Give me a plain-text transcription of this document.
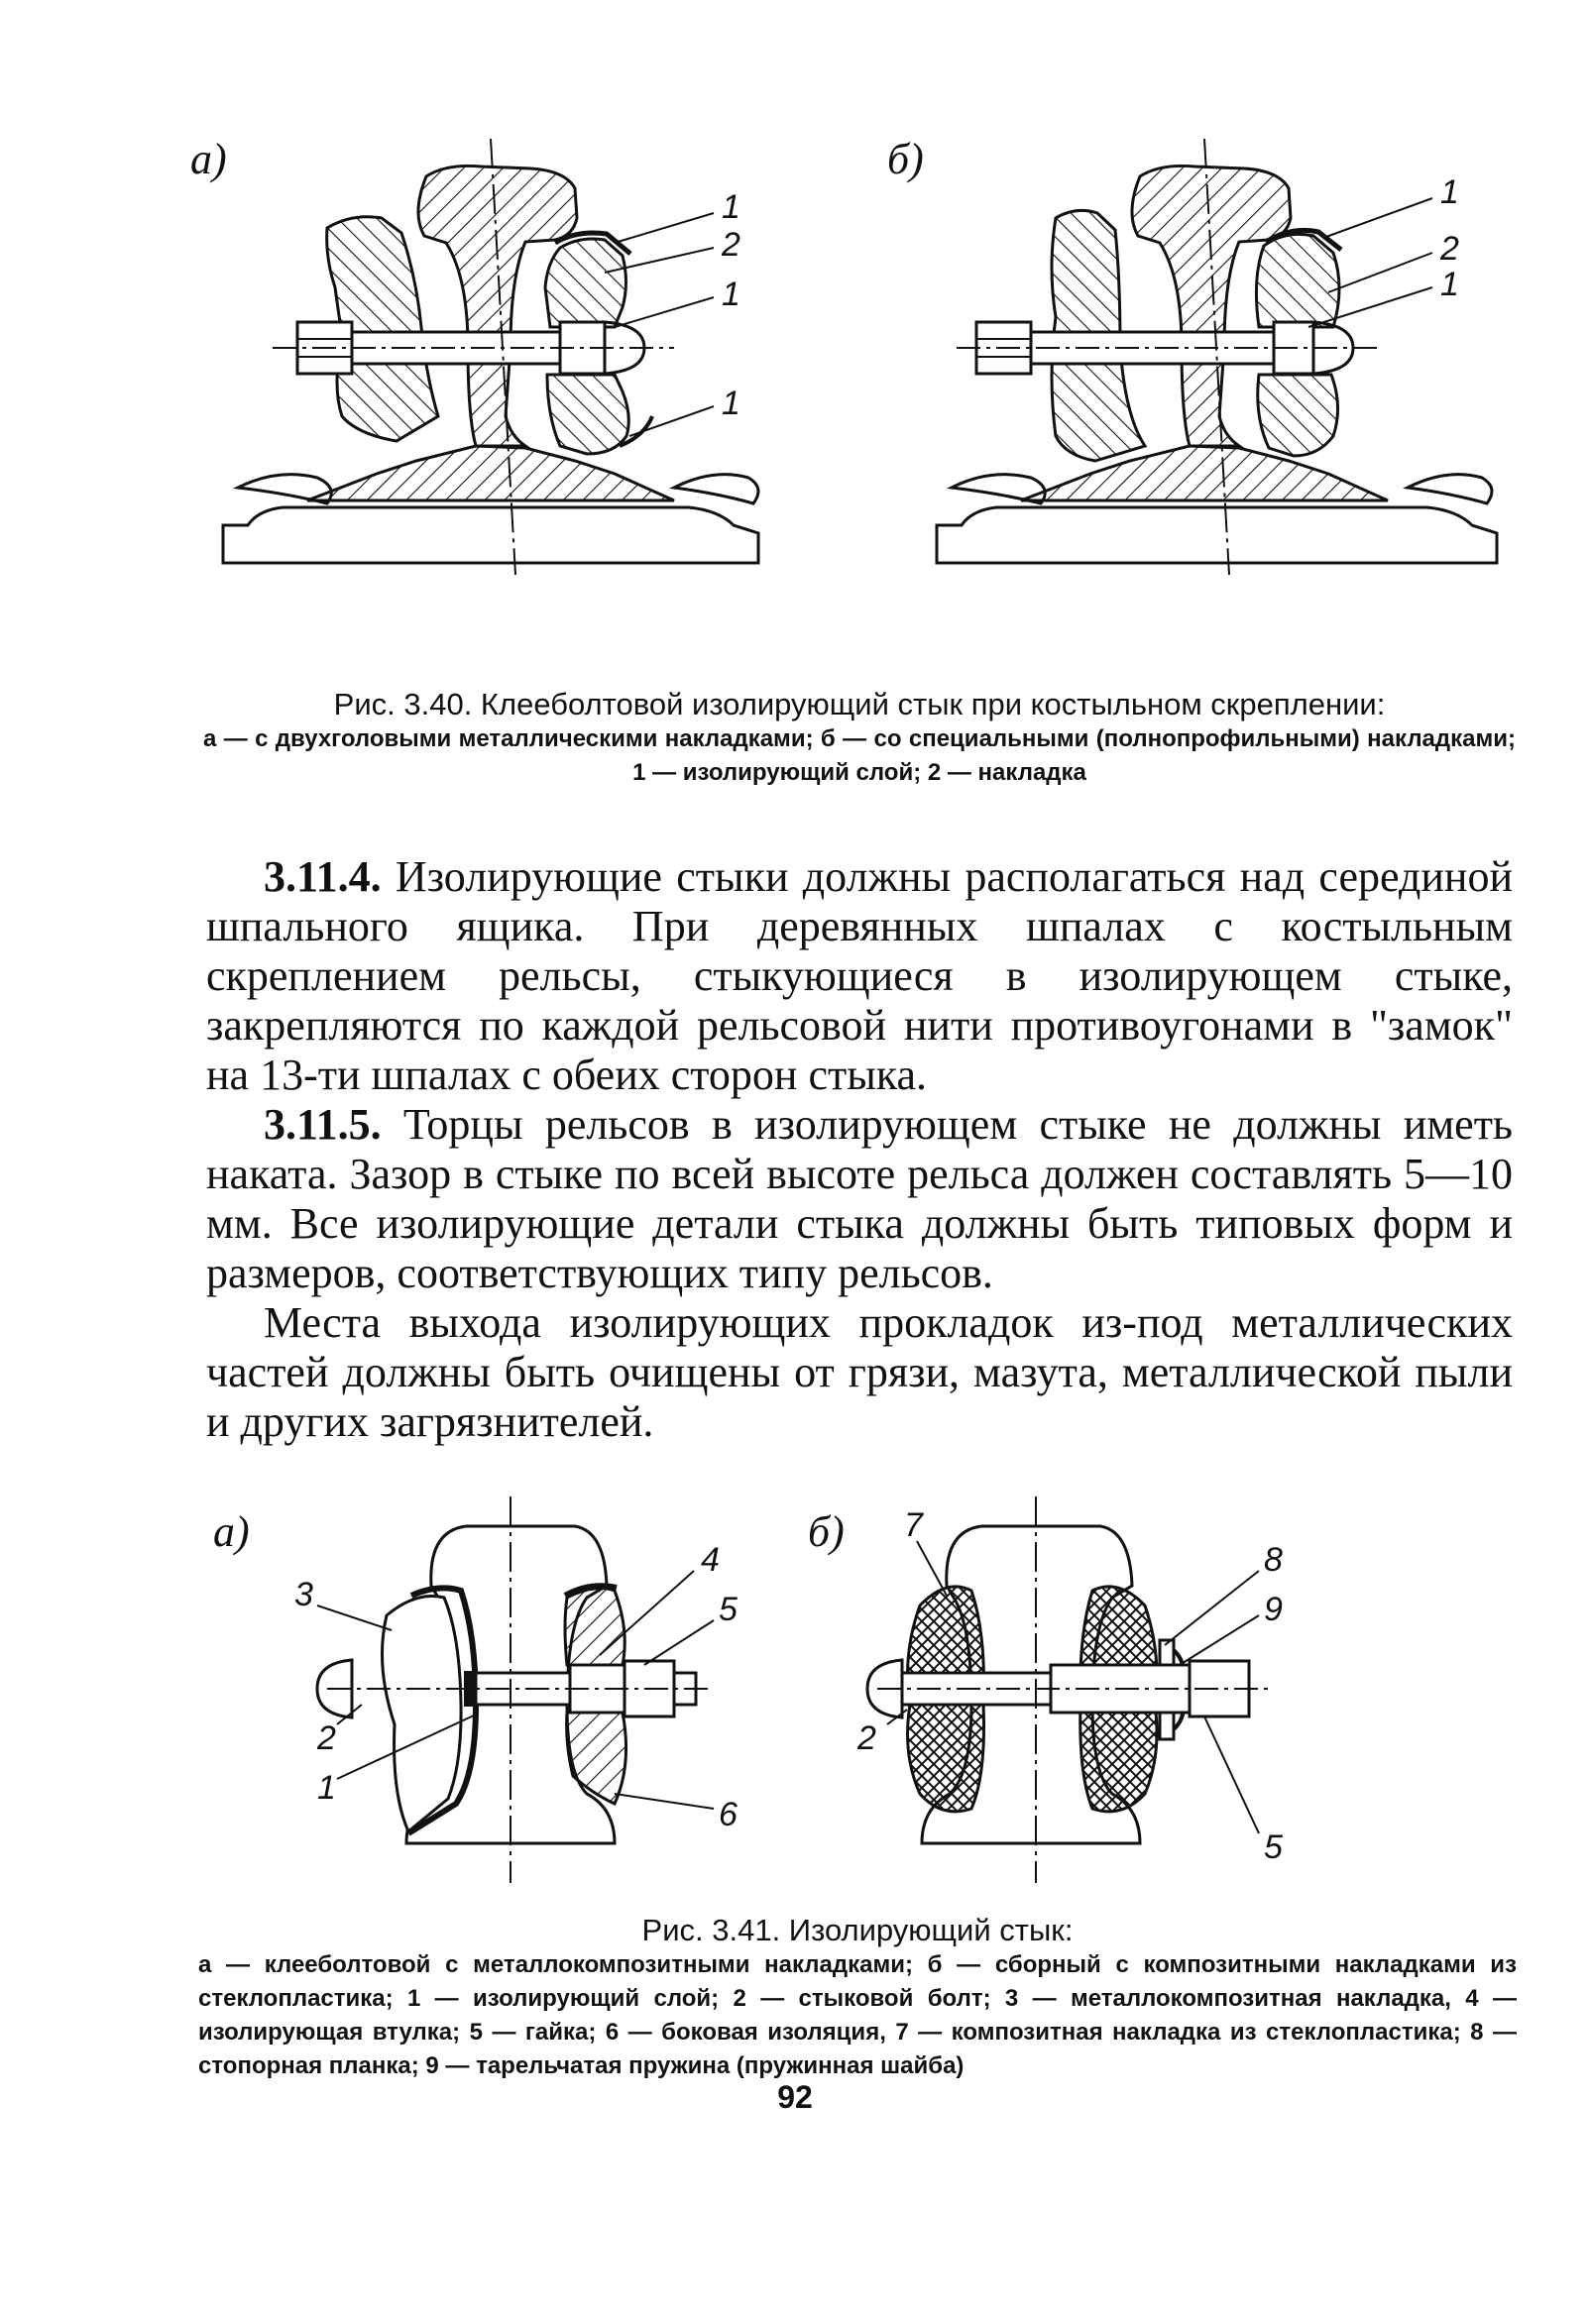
a)
1
2
1
1
б)
1
2
1
Рис. 3.40. Клееболтовой изолирующий стык при костыльном скреплении:
а — с двухголовыми металлическими накладками; б — со специальными (полнопрофильными) накладками; 1 — изолирующий слой; 2 — накладка

3.11.4. Изолирующие стыки должны располагаться над серединой шпального ящика. При деревянных шпалах с костыльным скреплением рельсы, стыкующиеся в изолирующем стыке, закрепляются по каждой рельсовой нити противоугонами в "замок" на 13-ти шпалах с обеих сторон стыка.

3.11.5. Торцы рельсов в изолирующем стыке не должны иметь наката. Зазор в стыке по всей высоте рельса должен составлять 5—10 мм. Все изолирующие детали стыка должны быть типовых форм и размеров, соответствующих типу рельсов.

Места выхода изолирующих прокладок из-под металлических частей должны быть очищены от грязи, мазута, металлической пыли и других загрязнителей.

а)
3
4
5
2
1
6
б) 7
8
9
2
5
Рис. 3.41. Изолирующий стык:
а — клееболтовой с металлокомпозитными накладками; б — сборный с композитными накладками из стеклопластика; 1 — изолирующий слой; 2 — стыковой болт; 3 — металлокомпозитная накладка, 4 — изолирующая втулка; 5 — гайка; 6 — боковая изоляция, 7 — композитная накладка из стеклопластика; 8 — стопорная планка; 9 — тарельчатая пружина (пружинная шайба)
92
